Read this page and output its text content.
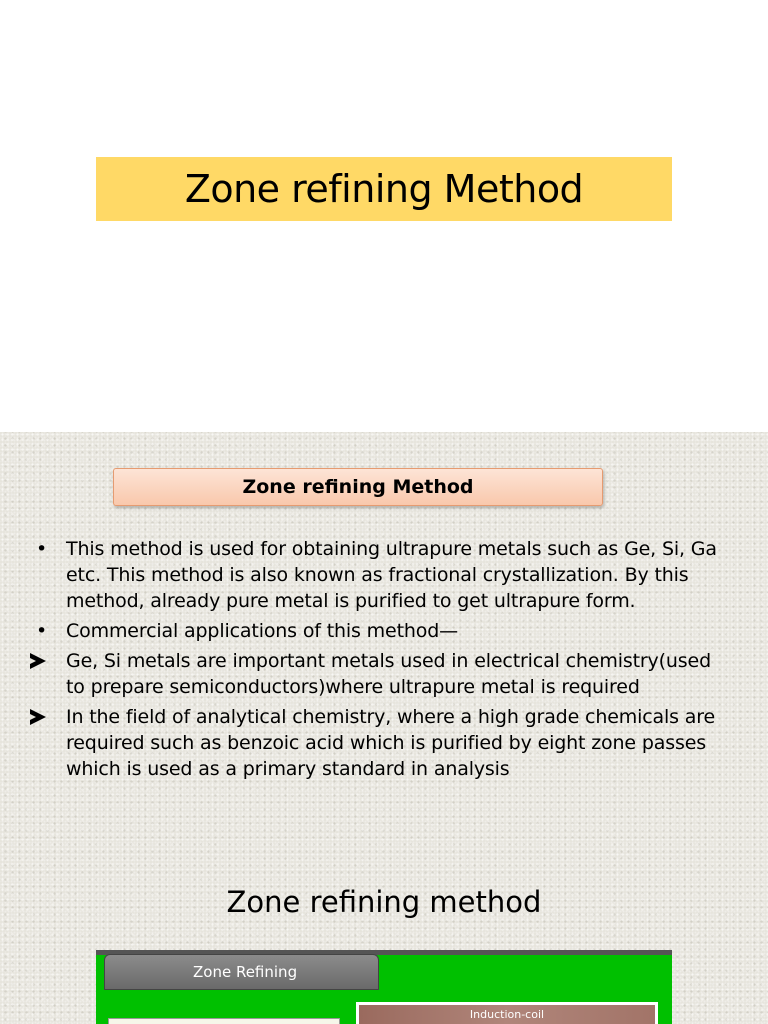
Zone refining Method
Zone refining Method
• This method is used for obtaining ultrapure metals such as Ge, Si, Ga etc. This method is also known as fractional crystallization. By this method, already pure metal is purified to get ultrapure form.
• Commercial applications of this method—
Ge, Si metals are important metals used in electrical chemistry(used to prepare semiconductors)where ultrapure metal is required
In the field of analytical chemistry, where a high grade chemicals are required such as benzoic acid which is purified by eight zone passes which is used as a primary standard in analysis
Zone refining method
Zone Refining
Induction-coil
